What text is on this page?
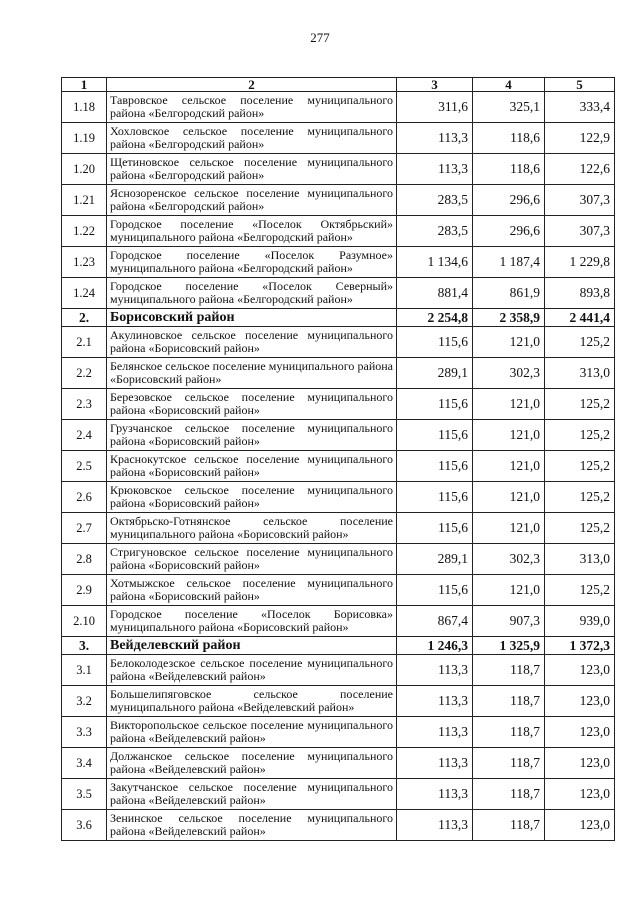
277
1	2	3	4	5
1.18	Тавровское сельское поселение муниципального района «Белгородский район»	311,6	325,1	333,4
1.19	Хохловское сельское поселение муниципального района «Белгородский район»	113,3	118,6	122,9
1.20	Щетиновское сельское поселение муниципального района «Белгородский район»	113,3	118,6	122,6
1.21	Яснозоренское сельское поселение муниципального района «Белгородский район»	283,5	296,6	307,3
1.22	Городское поселение «Поселок Октябрьский» муниципального района «Белгородский район»	283,5	296,6	307,3
1.23	Городское поселение «Поселок Разумное» муниципального района «Белгородский район»	1 134,6	1 187,4	1 229,8
1.24	Городское поселение «Поселок Северный» муниципального района «Белгородский район»	881,4	861,9	893,8
2.	Борисовский район	2 254,8	2 358,9	2 441,4
2.1	Акулиновское сельское поселение муниципального района «Борисовский район»	115,6	121,0	125,2
2.2	Белянское сельское поселение муниципального района «Борисовский район»	289,1	302,3	313,0
2.3	Березовское сельское поселение муниципального района «Борисовский район»	115,6	121,0	125,2
2.4	Грузчанское сельское поселение муниципального района «Борисовский район»	115,6	121,0	125,2
2.5	Краснокутское сельское поселение муниципального района «Борисовский район»	115,6	121,0	125,2
2.6	Крюковское сельское поселение муниципального района «Борисовский район»	115,6	121,0	125,2
2.7	Октябрьско-Готнянское сельское поселение муниципального района «Борисовский район»	115,6	121,0	125,2
2.8	Стригуновское сельское поселение муниципального района «Борисовский район»	289,1	302,3	313,0
2.9	Хотмыжское сельское поселение муниципального района «Борисовский район»	115,6	121,0	125,2
2.10	Городское поселение «Поселок Борисовка» муниципального района «Борисовский район»	867,4	907,3	939,0
3.	Вейделевский район	1 246,3	1 325,9	1 372,3
3.1	Белоколодезское сельское поселение муниципального района «Вейделевский район»	113,3	118,7	123,0
3.2	Большелипяговское сельское поселение муниципального района «Вейделевский район»	113,3	118,7	123,0
3.3	Викторопольское сельское поселение муниципального района «Вейделевский район»	113,3	118,7	123,0
3.4	Должанское сельское поселение муниципального района «Вейделевский район»	113,3	118,7	123,0
3.5	Закутчанское сельское поселение муниципального района «Вейделевский район»	113,3	118,7	123,0
3.6	Зенинское сельское поселение муниципального района «Вейделевский район»	113,3	118,7	123,0
